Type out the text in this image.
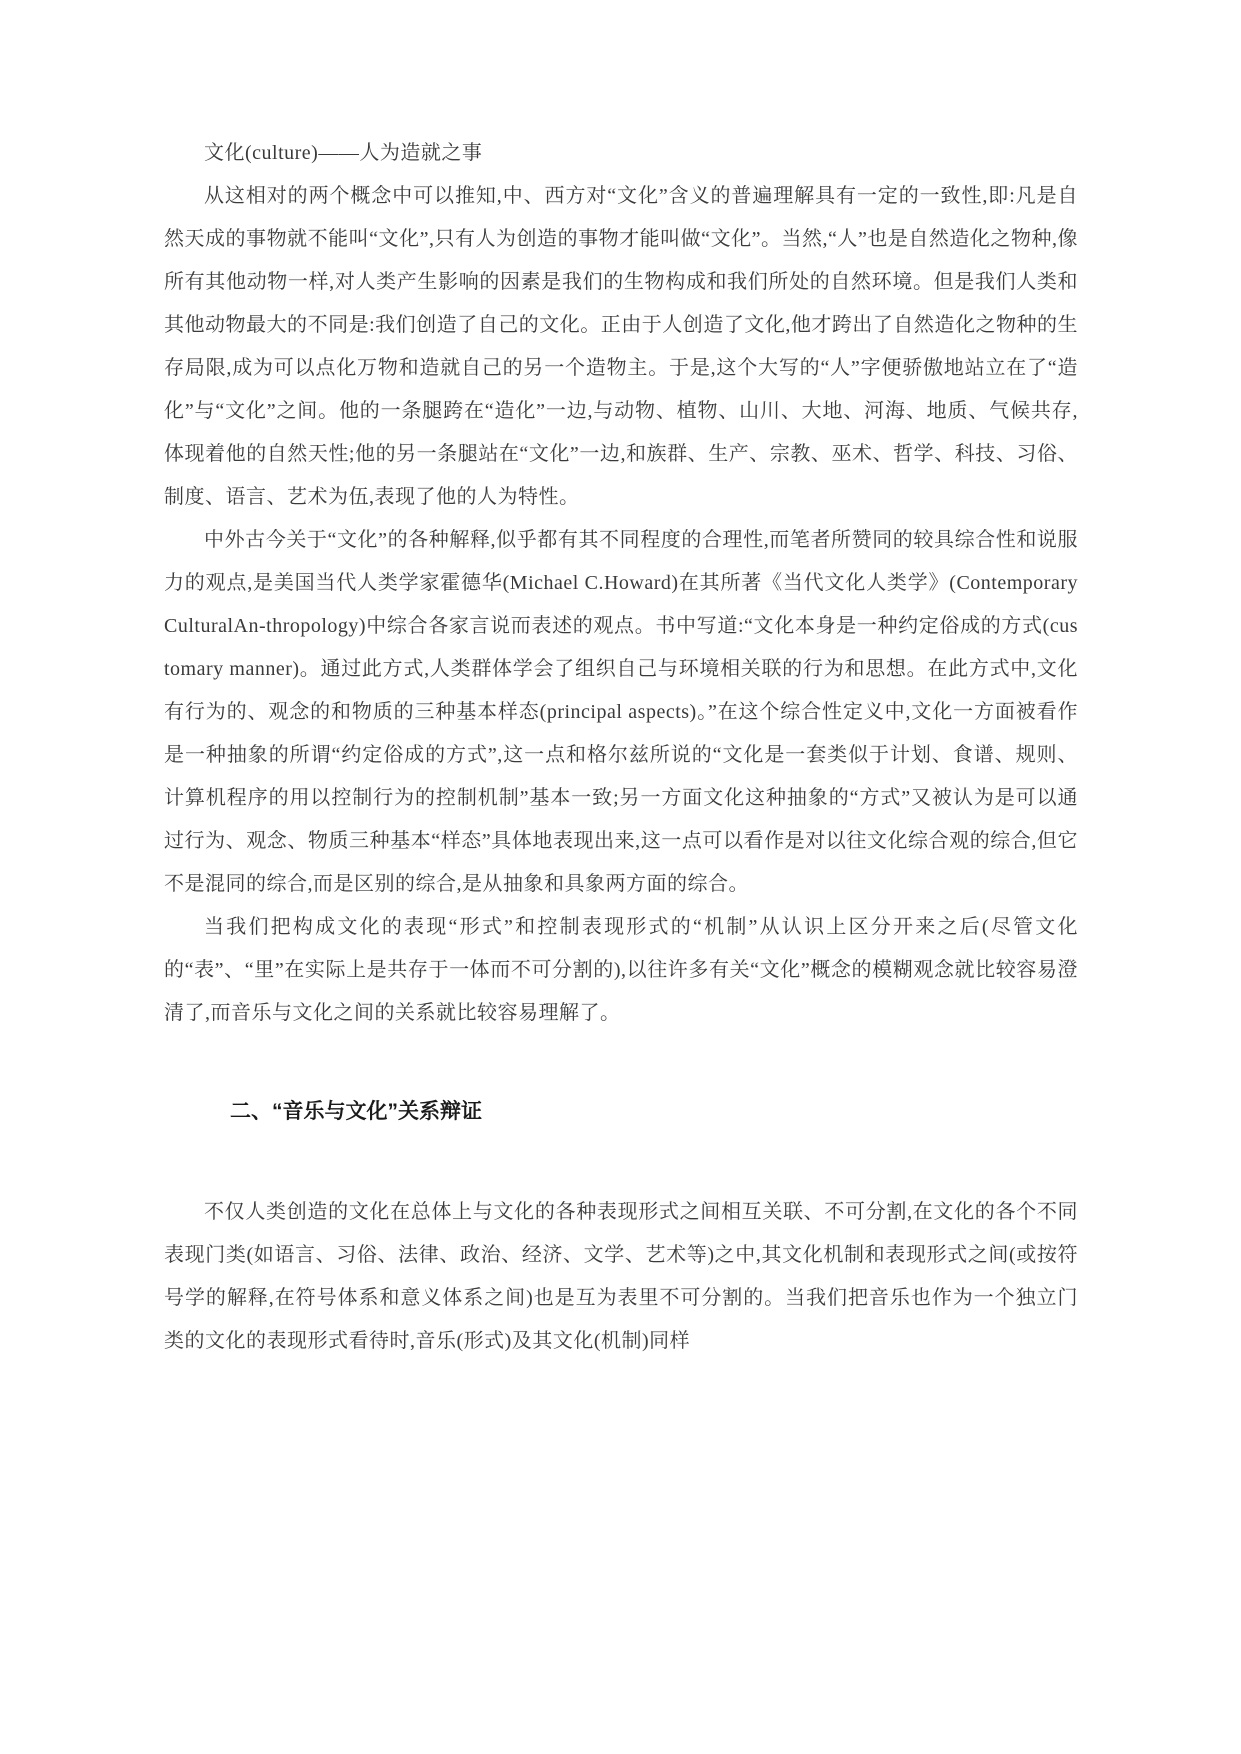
文化(culture)——人为造就之事

从这相对的两个概念中可以推知,中、西方对“文化”含义的普遍理解具有一定的一致性,即:凡是自然天成的事物就不能叫“文化”,只有人为创造的事物才能叫做“文化”。当然,“人”也是自然造化之物种,像所有其他动物一样,对人类产生影响的因素是我们的生物构成和我们所处的自然环境。但是我们人类和其他动物最大的不同是:我们创造了自己的文化。正由于人创造了文化,他才跨出了自然造化之物种的生存局限,成为可以点化万物和造就自己的另一个造物主。于是,这个大写的“人”字便骄傲地站立在了“造化”与“文化”之间。他的一条腿跨在“造化”一边,与动物、植物、山川、大地、河海、地质、气候共存,体现着他的自然天性;他的另一条腿站在“文化”一边,和族群、生产、宗教、巫术、哲学、科技、习俗、制度、语言、艺术为伍,表现了他的人为特性。

中外古今关于“文化”的各种解释,似乎都有其不同程度的合理性,而笔者所赞同的较具综合性和说服力的观点,是美国当代人类学家霍德华(Michael C.Howard)在其所著《当代文化人类学》(Contemporary CulturalAn-thropology)中综合各家言说而表述的观点。书中写道:“文化本身是一种约定俗成的方式(customary manner)。通过此方式,人类群体学会了组织自己与环境相关联的行为和思想。在此方式中,文化有行为的、观念的和物质的三种基本样态(principal aspects)。”在这个综合性定义中,文化一方面被看作是一种抽象的所谓“约定俗成的方式”,这一点和格尔兹所说的“文化是一套类似于计划、食谱、规则、计算机程序的用以控制行为的控制机制”基本一致;另一方面文化这种抽象的“方式”又被认为是可以通过行为、观念、物质三种基本“样态”具体地表现出来,这一点可以看作是对以往文化综合观的综合,但它不是混同的综合,而是区别的综合,是从抽象和具象两方面的综合。

当我们把构成文化的表现“形式”和控制表现形式的“机制”从认识上区分开来之后(尽管文化的“表”、“里”在实际上是共存于一体而不可分割的),以往许多有关“文化”概念的模糊观念就比较容易澄清了,而音乐与文化之间的关系就比较容易理解了。

二、“音乐与文化”关系辩证

不仅人类创造的文化在总体上与文化的各种表现形式之间相互关联、不可分割,在文化的各个不同表现门类(如语言、习俗、法律、政治、经济、文学、艺术等)之中,其文化机制和表现形式之间(或按符号学的解释,在符号体系和意义体系之间)也是互为表里不可分割的。当我们把音乐也作为一个独立门类的文化的表现形式看待时,音乐(形式)及其文化(机制)同样
